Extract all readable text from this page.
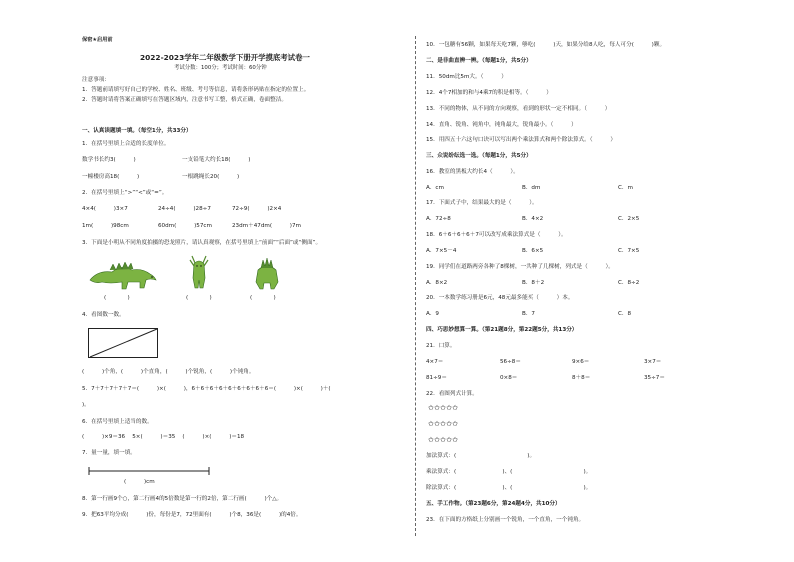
保密★启用前
2022-2023学年二年级数学下册开学摸底考试卷一
考试分数：100分；考试时间：60分钟
注意事项：
1．答题前请填写好自己的学校、姓名、班级、考号等信息，请将条形码贴在指定的位置上。
2．答题时请将答案正确填写在答题区域内，注意书写工整，格式正确，卷面整洁。
一、认真读题填一填。（每空1分，共33分）
1．在括号里填上合适的长度单位。
数学书长约3(          )	一支铅笔大约长18(          )
一幢楼房高18(          )	一根跳绳长20(          )
2．在括号里填上“>”“<”或“=”。
4×4(          )3×7	24÷4(          )28÷7	72÷9(          )2×4
1m(          )98cm	60dm(          )57cm	23dm＋47dm(          )7m
3．下面是小明从不同角度拍摄的恐龙照片，请认真观察，在括号里填上“前面”“后面”或“侧面”。
(            )	(            )	(            )
4．看图数一数。
(          )个角，(          )个直角，(          )个锐角，(          )个钝角。
5．7＋7＋7＋7＋7＝(          )×(          )，6＋6＋6＋6＋6＋6＋6＋6＋6＝(          )×(          )＋(
)。
6．在括号里填上适当的数。
(          )×9＝36    5×(          )＝35    (          )×(          )＝18
7．量一量，填一填。
(          )cm
8．第一行画9个○，第二行画4的5倍数是第一行的2倍，第二行画(          )个△。
9．把63平均分成(          )份，每份是7，72里面有(          )个8，36是(          )的4倍。
10．一包糖有56颗，如果每天吃7颗，够吃(          )天，如果分给8人吃，每人可分(          )颗。
二、是非曲直辨一辨。（每题1分，共5分）
11．50dm比5m大。（          ）
12．4个7相加的和与4乘7的积是相等。（          ）
13．不同的物体，从不同的方向观察，看到的形状一定不相同。（          ）
14．直角、锐角、钝角中，钝角最大，锐角最小。（          ）
15．用四五十六这句口诀可以写出两个乘法算式和两个除法算式。（          ）
三、众说纷纭选一选。（每题1分，共5分）
16．教室的黑板大约长4（          ）。
A．cm	B．dm	C．m
17．下面式子中，结果最大的是（          ）。
A．72÷8	B．4×2	C．2×5
18．6＋6＋6＋6＋7可以改写成乘法算式是（          ）。
A．7×5－4	B．6×5	C．7×5
19．同学们在道路两旁各种了8棵树，一共种了几棵树，列式是（          ）。
A．8×2	B．8＋2	C．8÷2
20．一本数学练习册是6元，48元最多能买（          ）本。
A．9	B．7	C．8
四、巧思妙想算一算。（第21题8分，第22题5分，共13分）
21．口算。
4×7＝	56÷8＝	9×6＝	3×7＝
81÷9＝	0×8＝	8＋8＝	35÷7＝
22．看图列式计算。
✩✩✩✩✩
✩✩✩✩✩
✩✩✩✩✩
加法算式：(                                        )。
乘法算式：(                          )、(                                        )。
除法算式：(                          )、(                                        )。
五、手工作物。（第23题6分，第24题4分，共10分）
23．在下面的方格纸上分别画一个锐角，一个直角，一个钝角。
